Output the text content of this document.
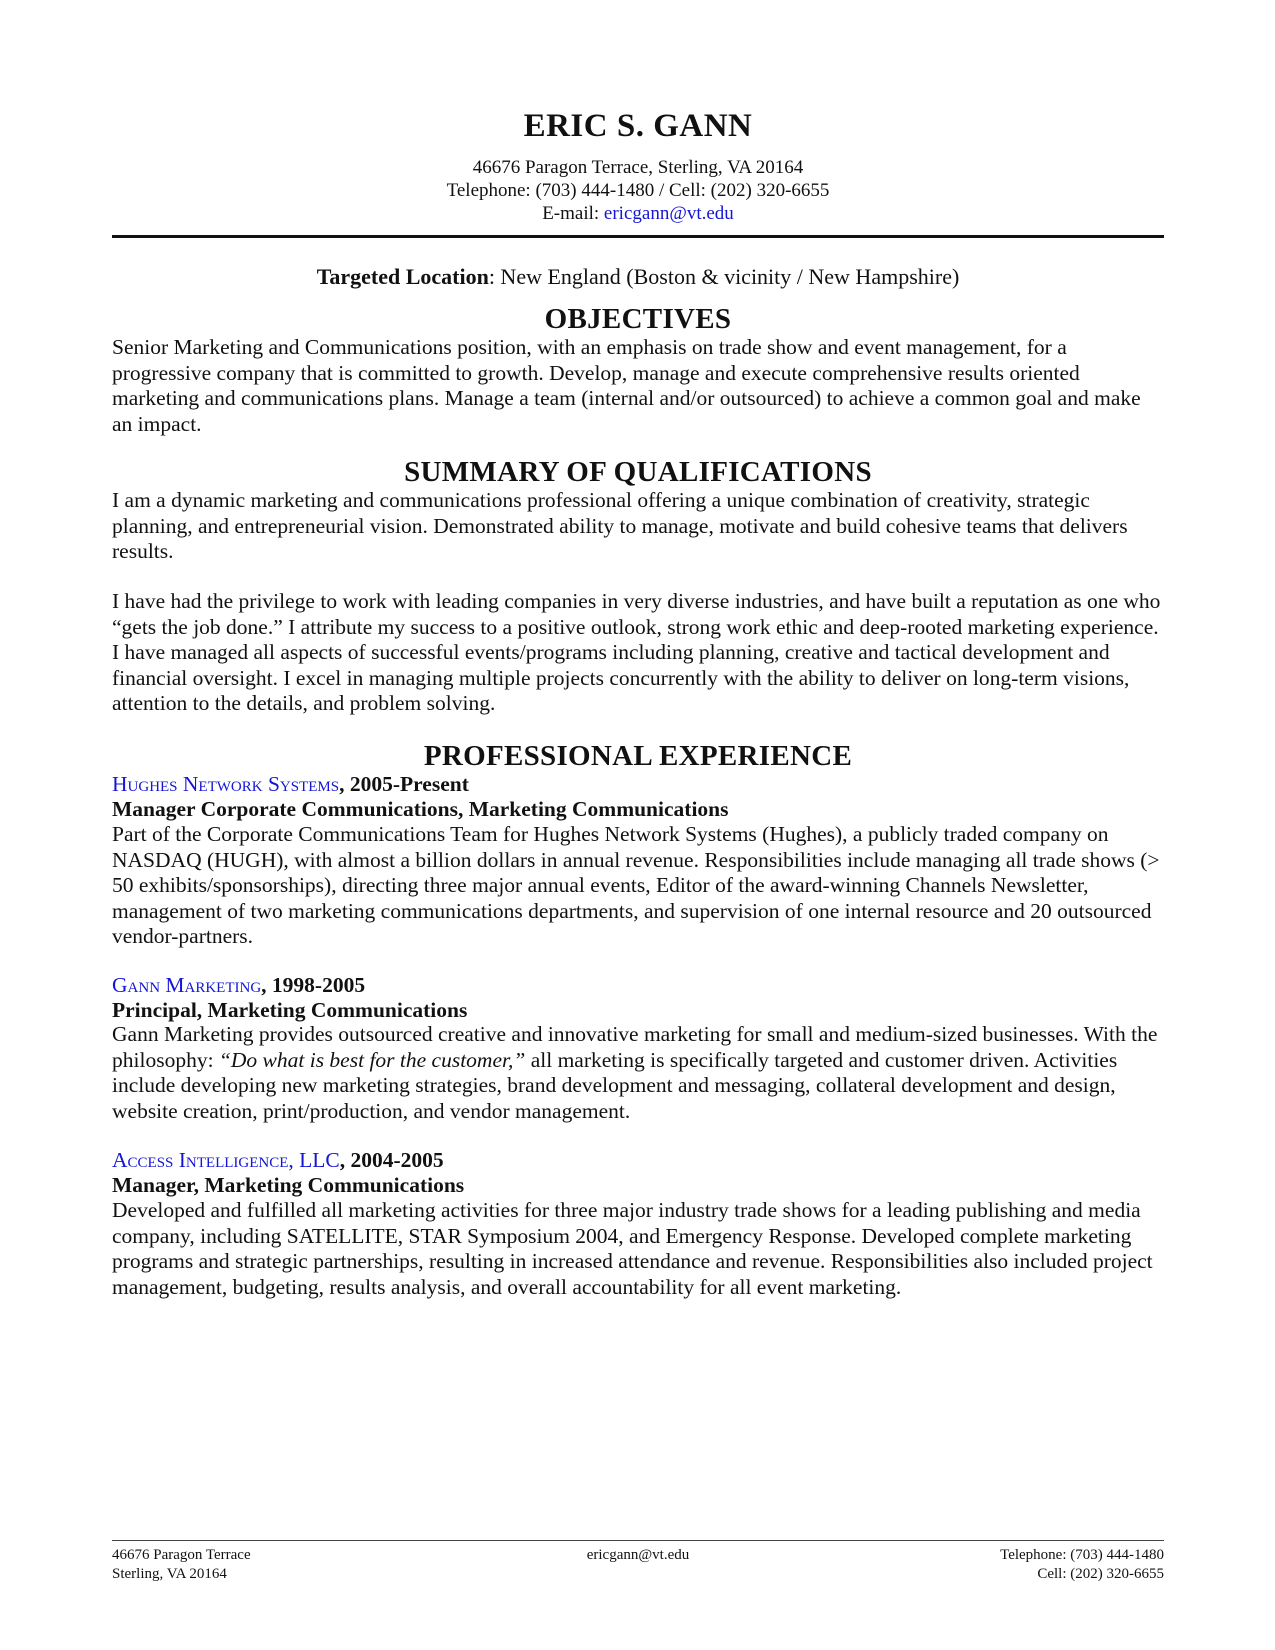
ERIC S. GANN
46676 Paragon Terrace, Sterling, VA 20164
Telephone: (703) 444-1480 / Cell: (202) 320-6655
E-mail: ericgann@vt.edu
Targeted Location: New England (Boston & vicinity / New Hampshire)
OBJECTIVES
Senior Marketing and Communications position, with an emphasis on trade show and event management, for a progressive company that is committed to growth. Develop, manage and execute comprehensive results oriented marketing and communications plans. Manage a team (internal and/or outsourced) to achieve a common goal and make an impact.
SUMMARY OF QUALIFICATIONS
I am a dynamic marketing and communications professional offering a unique combination of creativity, strategic planning, and entrepreneurial vision. Demonstrated ability to manage, motivate and build cohesive teams that delivers results.
I have had the privilege to work with leading companies in very diverse industries, and have built a reputation as one who “gets the job done.” I attribute my success to a positive outlook, strong work ethic and deep-rooted marketing experience. I have managed all aspects of successful events/programs including planning, creative and tactical development and financial oversight. I excel in managing multiple projects concurrently with the ability to deliver on long-term visions, attention to the details, and problem solving.
PROFESSIONAL EXPERIENCE
Hughes Network Systems, 2005-Present
Manager Corporate Communications, Marketing Communications
Part of the Corporate Communications Team for Hughes Network Systems (Hughes), a publicly traded company on NASDAQ (HUGH), with almost a billion dollars in annual revenue. Responsibilities include managing all trade shows (> 50 exhibits/sponsorships), directing three major annual events, Editor of the award-winning Channels Newsletter, management of two marketing communications departments, and supervision of one internal resource and 20 outsourced vendor-partners.
Gann Marketing, 1998-2005
Principal, Marketing Communications
Gann Marketing provides outsourced creative and innovative marketing for small and medium-sized businesses. With the philosophy: “Do what is best for the customer,” all marketing is specifically targeted and customer driven. Activities include developing new marketing strategies, brand development and messaging, collateral development and design, website creation, print/production, and vendor management.
Access Intelligence, LLC, 2004-2005
Manager, Marketing Communications
Developed and fulfilled all marketing activities for three major industry trade shows for a leading publishing and media company, including SATELLITE, STAR Symposium 2004, and Emergency Response. Developed complete marketing programs and strategic partnerships, resulting in increased attendance and revenue. Responsibilities also included project management, budgeting, results analysis, and overall accountability for all event marketing.
46676 Paragon Terrace
Sterling, VA 20164
ericgann@vt.edu	Telephone: (703) 444-1480
Cell: (202) 320-6655
